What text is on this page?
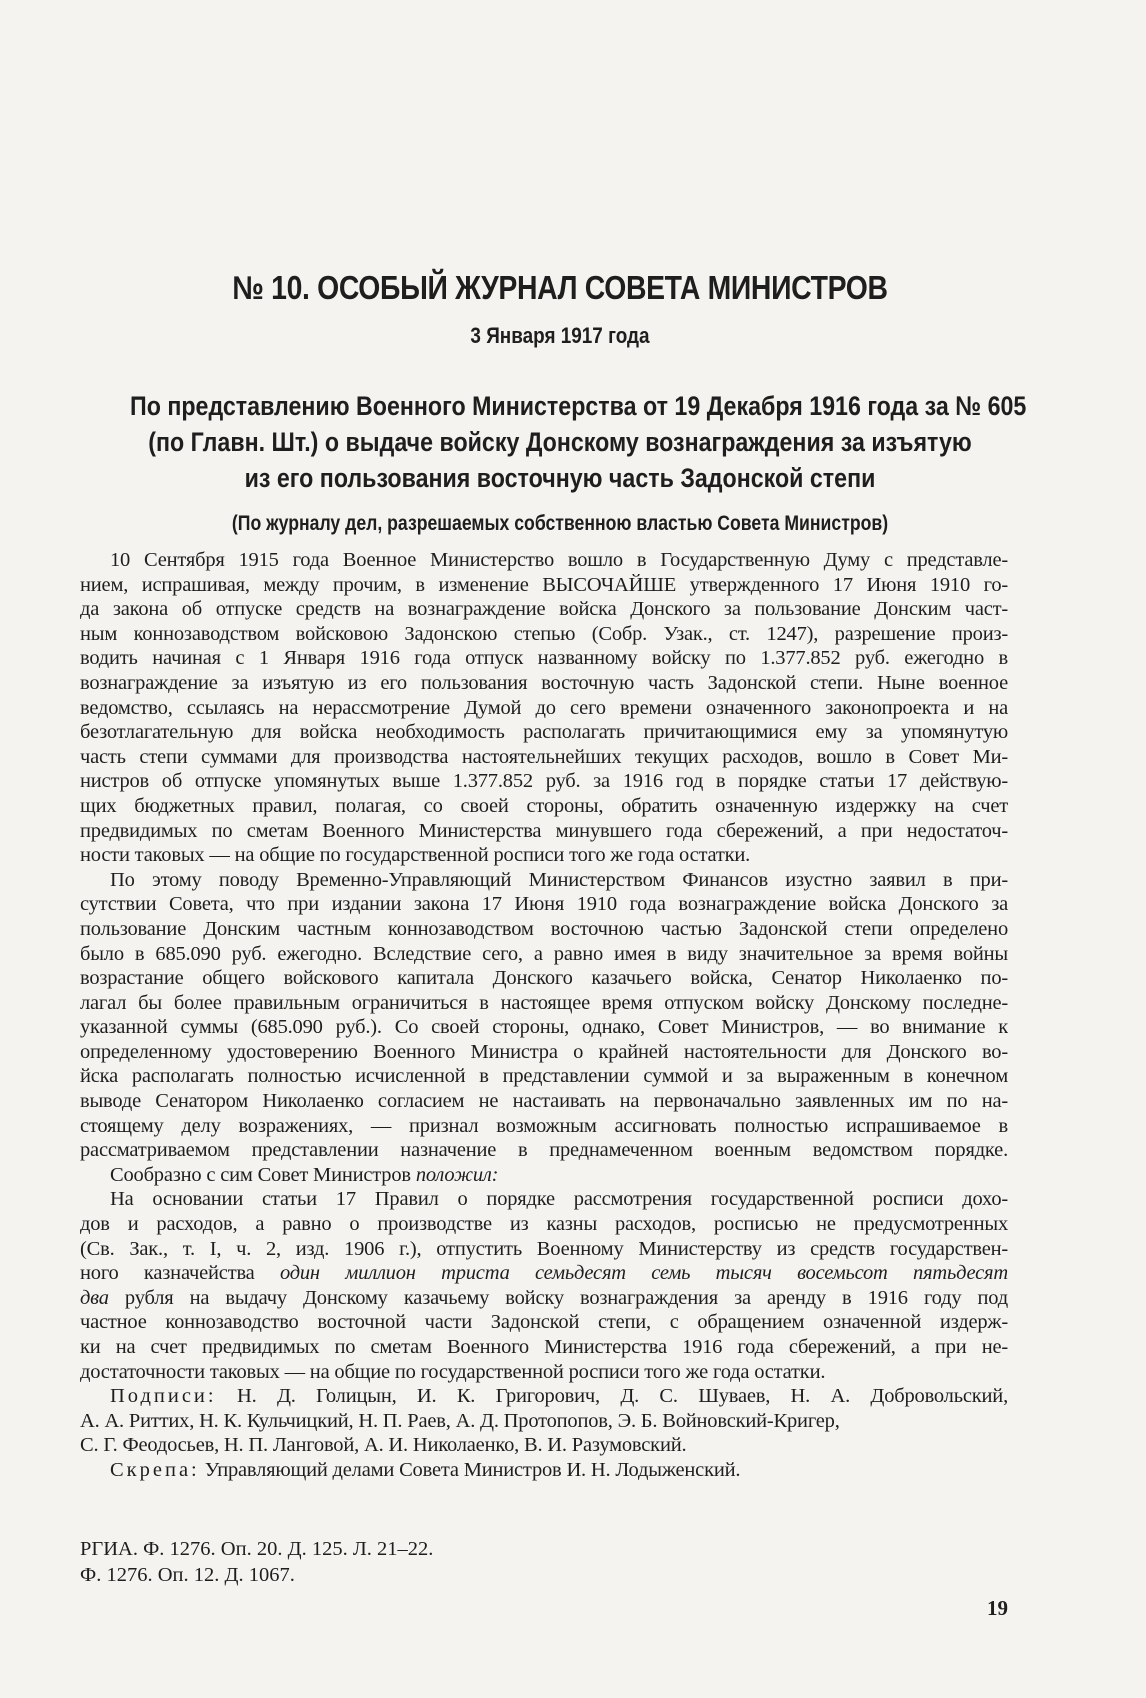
№ 10. ОСОБЫЙ ЖУРНАЛ СОВЕТА МИНИСТРОВ
3 Января 1917 года
По представлению Военного Министерства от 19 Декабря 1916 года за № 605
(по Главн. Шт.) о выдаче войску Донскому вознаграждения за изъятую
из его пользования восточную часть Задонской степи
(По журналу дел, разрешаемых собственною властью Совета Министров)

10 Сентября 1915 года Военное Министерство вошло в Государственную Думу с представле-
нием, испрашивая, между прочим, в изменение ВЫСОЧАЙШЕ утвержденного 17 Июня 1910 го-
да закона об отпуске средств на вознаграждение войска Донского за пользование Донским част-
ным коннозаводством войсковою Задонскою степью (Собр. Узак., ст. 1247), разрешение произ-
водить начиная с 1 Января 1916 года отпуск названному войску по 1.377.852 руб. ежегодно в
вознаграждение за изъятую из его пользования восточную часть Задонской степи. Ныне военное
ведомство, ссылаясь на нерассмотрение Думой до сего времени означенного законопроекта и на
безотлагательную для войска необходимость располагать причитающимися ему за упомянутую
часть степи суммами для производства настоятельнейших текущих расходов, вошло в Совет Ми-
нистров об отпуске упомянутых выше 1.377.852 руб. за 1916 год в порядке статьи 17 действую-
щих бюджетных правил, полагая, со своей стороны, обратить означенную издержку на счет
предвидимых по сметам Военного Министерства минувшего года сбережений, а при недостаточ-
ности таковых — на общие по государственной росписи того же года остатки.

По этому поводу Временно-Управляющий Министерством Финансов изустно заявил в при-
сутствии Совета, что при издании закона 17 Июня 1910 года вознаграждение войска Донского за
пользование Донским частным коннозаводством восточною частью Задонской степи определено
было в 685.090 руб. ежегодно. Вследствие сего, а равно имея в виду значительное за время войны
возрастание общего войскового капитала Донского казачьего войска, Сенатор Николаенко по-
лагал бы более правильным ограничиться в настоящее время отпуском войску Донскому последне-
указанной суммы (685.090 руб.). Со своей стороны, однако, Совет Министров, — во внимание к
определенному удостоверению Военного Министра о крайней настоятельности для Донского во-
йска располагать полностью исчисленной в представлении суммой и за выраженным в конечном
выводе Сенатором Николаенко согласием не настаивать на первоначально заявленных им по на-
стоящему делу возражениях, — признал возможным ассигновать полностью испрашиваемое в
рассматриваемом представлении назначение в преднамеченном военным ведомством порядке.

Сообразно с сим Совет Министров положил:

На основании статьи 17 Правил о порядке рассмотрения государственной росписи дохо-
дов и расходов, а равно о производстве из казны расходов, росписью не предусмотренных
(Св. Зак., т. I, ч. 2, изд. 1906 г.), отпустить Военному Министерству из средств государствен-
ного казначейства один миллион триста семьдесят семь тысяч восемьсот пятьдесят
два рубля на выдачу Донскому казачьему войску вознаграждения за аренду в 1916 году под
частное коннозаводство восточной части Задонской степи, с обращением означенной издерж-
ки на счет предвидимых по сметам Военного Министерства 1916 года сбережений, а при не-
достаточности таковых — на общие по государственной росписи того же года остатки.

Подписи: Н. Д. Голицын, И. К. Григорович, Д. С. Шуваев, Н. А. Добровольский,
А. А. Риттих, Н. К. Кульчицкий, Н. П. Раев, А. Д. Протопопов, Э. Б. Войновский-Кригер,
С. Г. Феодосьев, Н. П. Ланговой, А. И. Николаенко, В. И. Разумовский.

Скрепа: Управляющий делами Совета Министров И. Н. Лодыженский.

РГИА. Ф. 1276. Оп. 20. Д. 125. Л. 21–22.
Ф. 1276. Оп. 12. Д. 1067.
19
